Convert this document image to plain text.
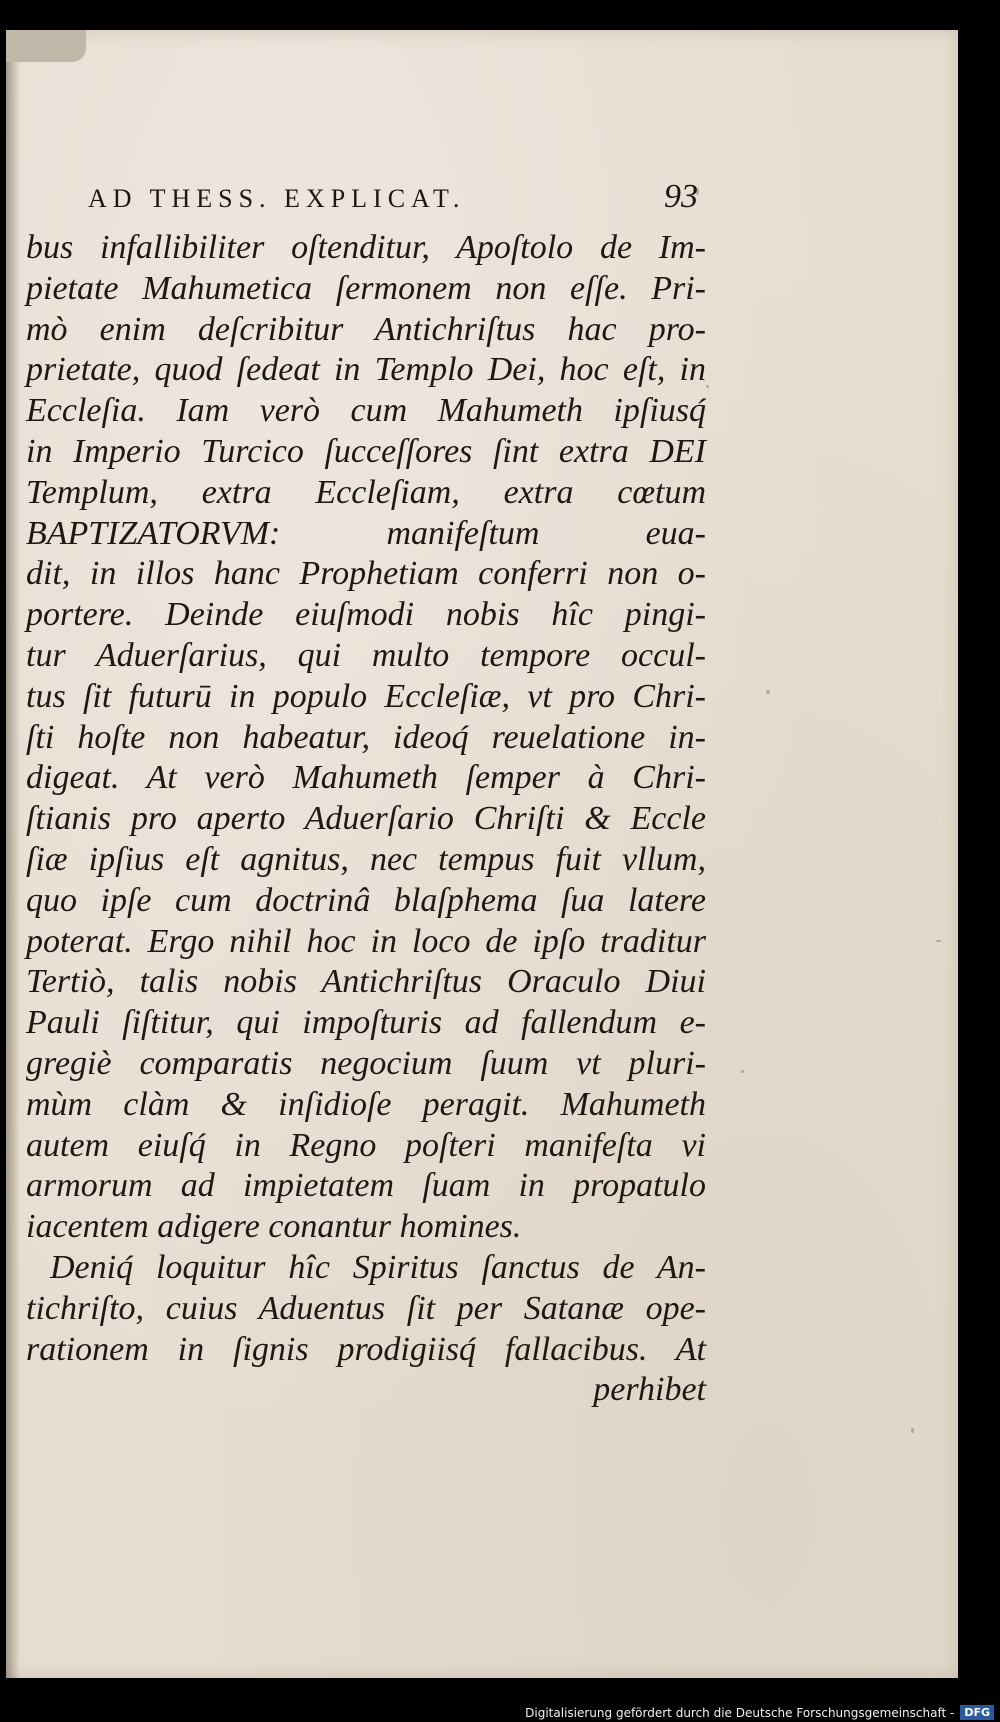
AD THESS. EXPLICAT.	93
bus infallibiliter oſtenditur, Apoſtolo de Im-
pietate Mahumetica ſermonem non eſſe. Pri-
mò enim deſcribitur Antichriſtus hac pro-
prietate, quod ſedeat in Templo Dei, hoc eſt, in
Eccleſia. Iam verò cum Mahumeth ipſiusq́
in Imperio Turcico ſucceſſores ſint extra DEI
Templum, extra Eccleſiam, extra cœtum
BAPTIZATORVM: manifeſtum eua-
dit, in illos hanc Prophetiam conferri non o-
portere. Deinde eiuſmodi nobis hîc pingi-
tur Aduerſarius, qui multo tempore occul-
tus ſit futurū in populo Eccleſiæ, vt pro Chri-
ſti hoſte non habeatur, ideoq́ reuelatione in-
digeat. At verò Mahumeth ſemper à Chri-
ſtianis pro aperto Aduerſario Chriſti & Eccle
ſiæ ipſius eſt agnitus, nec tempus fuit vllum,
quo ipſe cum doctrinâ blaſphema ſua latere
poterat. Ergo nihil hoc in loco de ipſo traditur
Tertiò, talis nobis Antichriſtus Oraculo Diui
Pauli ſiſtitur, qui impoſturis ad fallendum e-
gregiè comparatis negocium ſuum vt pluri-
mùm clàm & inſidioſe peragit. Mahumeth
autem eiuſq́ in Regno poſteri manifeſta vi
armorum ad impietatem ſuam in propatulo
iacentem adigere conantur homines.
Deniq́ loquitur hîc Spiritus ſanctus de An-
tichriſto, cuius Aduentus ſit per Satanæ ope-
rationem in ſignis prodigiisq́ fallacibus. At
perhibet
Digitalisierung gefördert durch die Deutsche Forschungsgemeinschaft - DFG
